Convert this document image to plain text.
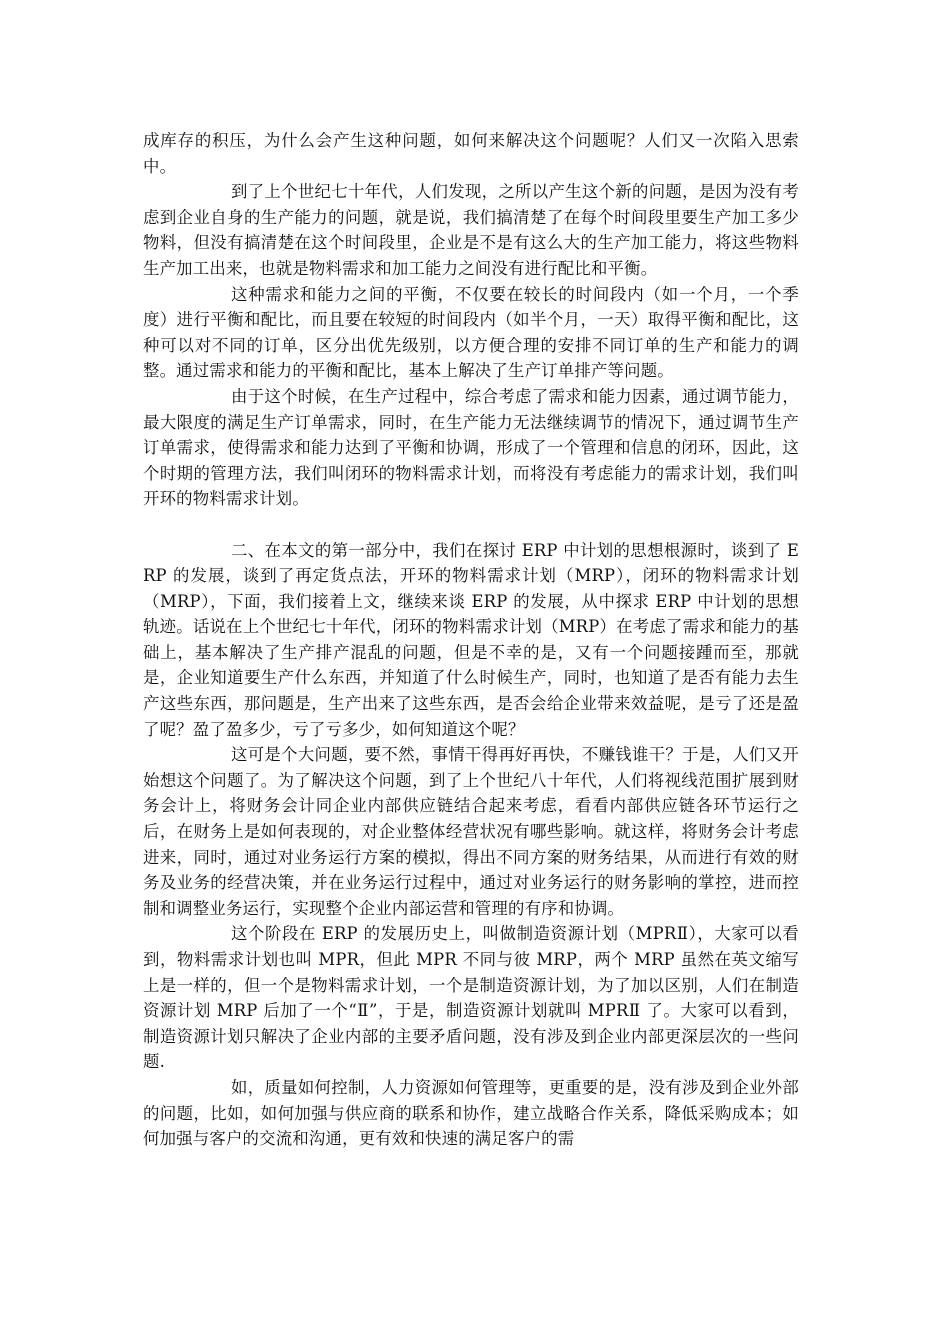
成库存的积压，为什么会产生这种问题，如何来解决这个问题呢？人们又一次陷入思索中。

到了上个世纪七十年代，人们发现，之所以产生这个新的问题，是因为没有考虑到企业自身的生产能力的问题，就是说，我们搞清楚了在每个时间段里要生产加工多少物料，但没有搞清楚在这个时间段里，企业是不是有这么大的生产加工能力，将这些物料生产加工出来，也就是物料需求和加工能力之间没有进行配比和平衡。

这种需求和能力之间的平衡，不仅要在较长的时间段内（如一个月，一个季度）进行平衡和配比，而且要在较短的时间段内（如半个月，一天）取得平衡和配比，这种可以对不同的订单，区分出优先级别，以方便合理的安排不同订单的生产和能力的调整。通过需求和能力的平衡和配比，基本上解决了生产订单排产等问题。

由于这个时候，在生产过程中，综合考虑了需求和能力因素，通过调节能力，最大限度的满足生产订单需求，同时，在生产能力无法继续调节的情况下，通过调节生产订单需求，使得需求和能力达到了平衡和协调，形成了一个管理和信息的闭环，因此，这个时期的管理方法，我们叫闭环的物料需求计划，而将没有考虑能力的需求计划，我们叫开环的物料需求计划。

二、在本文的第一部分中，我们在探讨 ERP 中计划的思想根源时，谈到了 ERP 的发展，谈到了再定货点法，开环的物料需求计划（MRP），闭环的物料需求计划（MRP），下面，我们接着上文，继续来谈 ERP 的发展，从中探求 ERP 中计划的思想轨迹。话说在上个世纪七十年代，闭环的物料需求计划（MRP）在考虑了需求和能力的基础上，基本解决了生产排产混乱的问题，但是不幸的是，又有一个问题接踵而至，那就是，企业知道要生产什么东西，并知道了什么时候生产，同时，也知道了是否有能力去生产这些东西，那问题是，生产出来了这些东西，是否会给企业带来效益呢，是亏了还是盈了呢？盈了盈多少，亏了亏多少，如何知道这个呢？

这可是个大问题，要不然，事情干得再好再快，不赚钱谁干？于是，人们又开始想这个问题了。为了解决这个问题，到了上个世纪八十年代，人们将视线范围扩展到财务会计上，将财务会计同企业内部供应链结合起来考虑，看看内部供应链各环节运行之后，在财务上是如何表现的，对企业整体经营状况有哪些影响。就这样，将财务会计考虑进来，同时，通过对业务运行方案的模拟，得出不同方案的财务结果，从而进行有效的财务及业务的经营决策，并在业务运行过程中，通过对业务运行的财务影响的掌控，进而控制和调整业务运行，实现整个企业内部运营和管理的有序和协调。

这个阶段在 ERP 的发展历史上，叫做制造资源计划（MPRⅡ），大家可以看到，物料需求计划也叫 MPR，但此 MPR 不同与彼 MRP，两个 MRP 虽然在英文缩写上是一样的，但一个是物料需求计划，一个是制造资源计划，为了加以区别，人们在制造资源计划 MRP 后加了一个“Ⅱ”，于是，制造资源计划就叫 MPRⅡ 了。大家可以看到，制造资源计划只解决了企业内部的主要矛盾问题，没有涉及到企业内部更深层次的一些问题.

如，质量如何控制，人力资源如何管理等，更重要的是，没有涉及到企业外部的问题，比如，如何加强与供应商的联系和协作，建立战略合作关系，降低采购成本；如何加强与客户的交流和沟通，更有效和快速的满足客户的需
